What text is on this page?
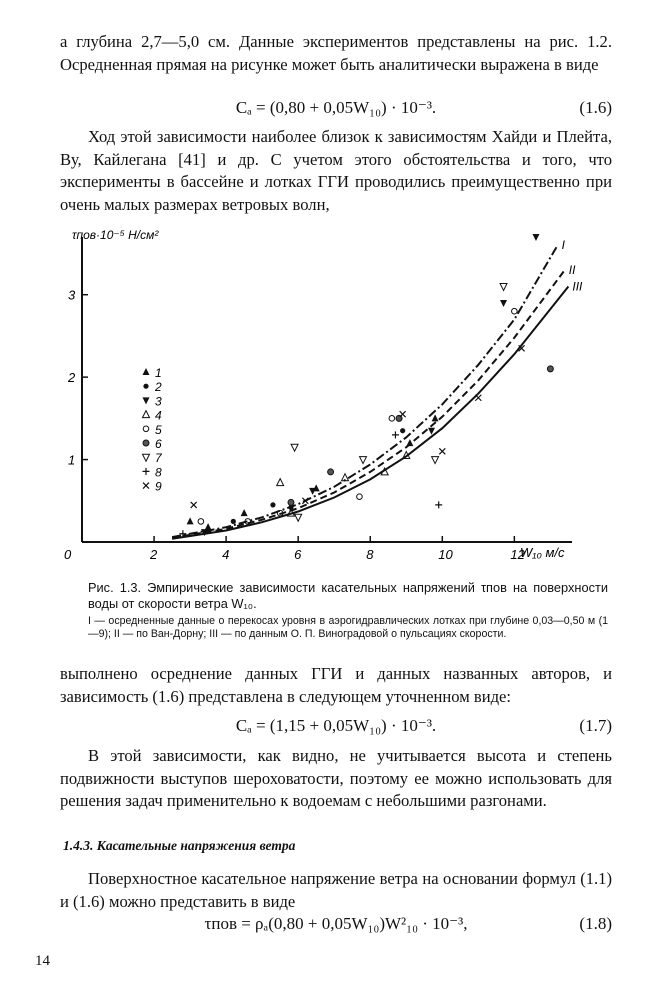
а глубина 2,7—5,0 см. Данные экспериментов представлены на рис. 1.2. Осредненная прямая на рисунке может быть аналитически выражена в виде

Cₐ = (0,80 + 0,05W₁₀) · 10⁻³.	(1.6)

Ход этой зависимости наиболее близок к зависимостям Хайди и Плейта, Ву, Кайлегана [41] и др. С учетом этого обстоятельства и того, что эксперименты в бассейне и лотках ГГИ проводились преимущественно при очень малых размерах ветровых волн,

0	2	4	6	8	10	12
1
2
3
I
II
III
1
2
3
4
5
6
7
8
9
τпов·10⁻⁵ Н/см²
W₁₀ м/с
Рис. 1.3. Эмпирические зависимости касательных напряжений τпов на поверхности воды от скорости ветра W₁₀.
I — осредненные данные о перекосах уровня в аэрогидравлических лотках при глубине 0,03—0,50 м (1—9); II — по Ван-Дорну; III — по данным О. П. Виноградовой о пульсациях скорости.

выполнено осреднение данных ГГИ и данных названных авторов, и зависимость (1.6) представлена в следующем уточненном виде:

Cₐ = (1,15 + 0,05W₁₀) · 10⁻³.	(1.7)

В этой зависимости, как видно, не учитывается высота и степень подвижности выступов шероховатости, поэтому ее можно использовать для решения задач применительно к водоемам с небольшими разгонами.

1.4.3. Касательные напряжения ветра

Поверхностное касательное напряжение ветра на основании формул (1.1) и (1.6) можно представить в виде

τпов = ρₐ(0,80 + 0,05W₁₀)W²₁₀ · 10⁻³,	(1.8)
14
